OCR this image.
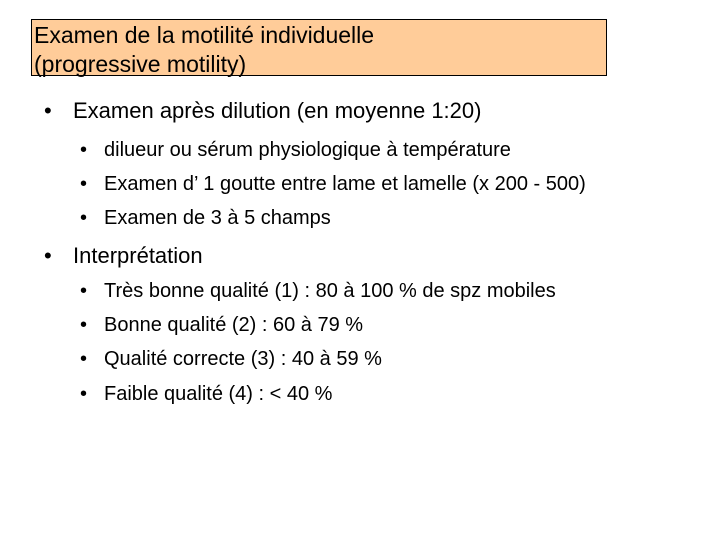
Examen de la motilité individuelle
(progressive motility)
• Examen après dilution (en moyenne 1:20)
• dilueur ou sérum physiologique à température
• Examen d’ 1 goutte entre lame et lamelle (x 200 - 500)
• Examen de 3 à 5 champs
• Interprétation
• Très bonne qualité (1) : 80 à 100 % de spz mobiles
• Bonne qualité (2) : 60 à 79 %
• Qualité correcte (3) : 40 à 59 %
• Faible qualité (4) : < 40 %
